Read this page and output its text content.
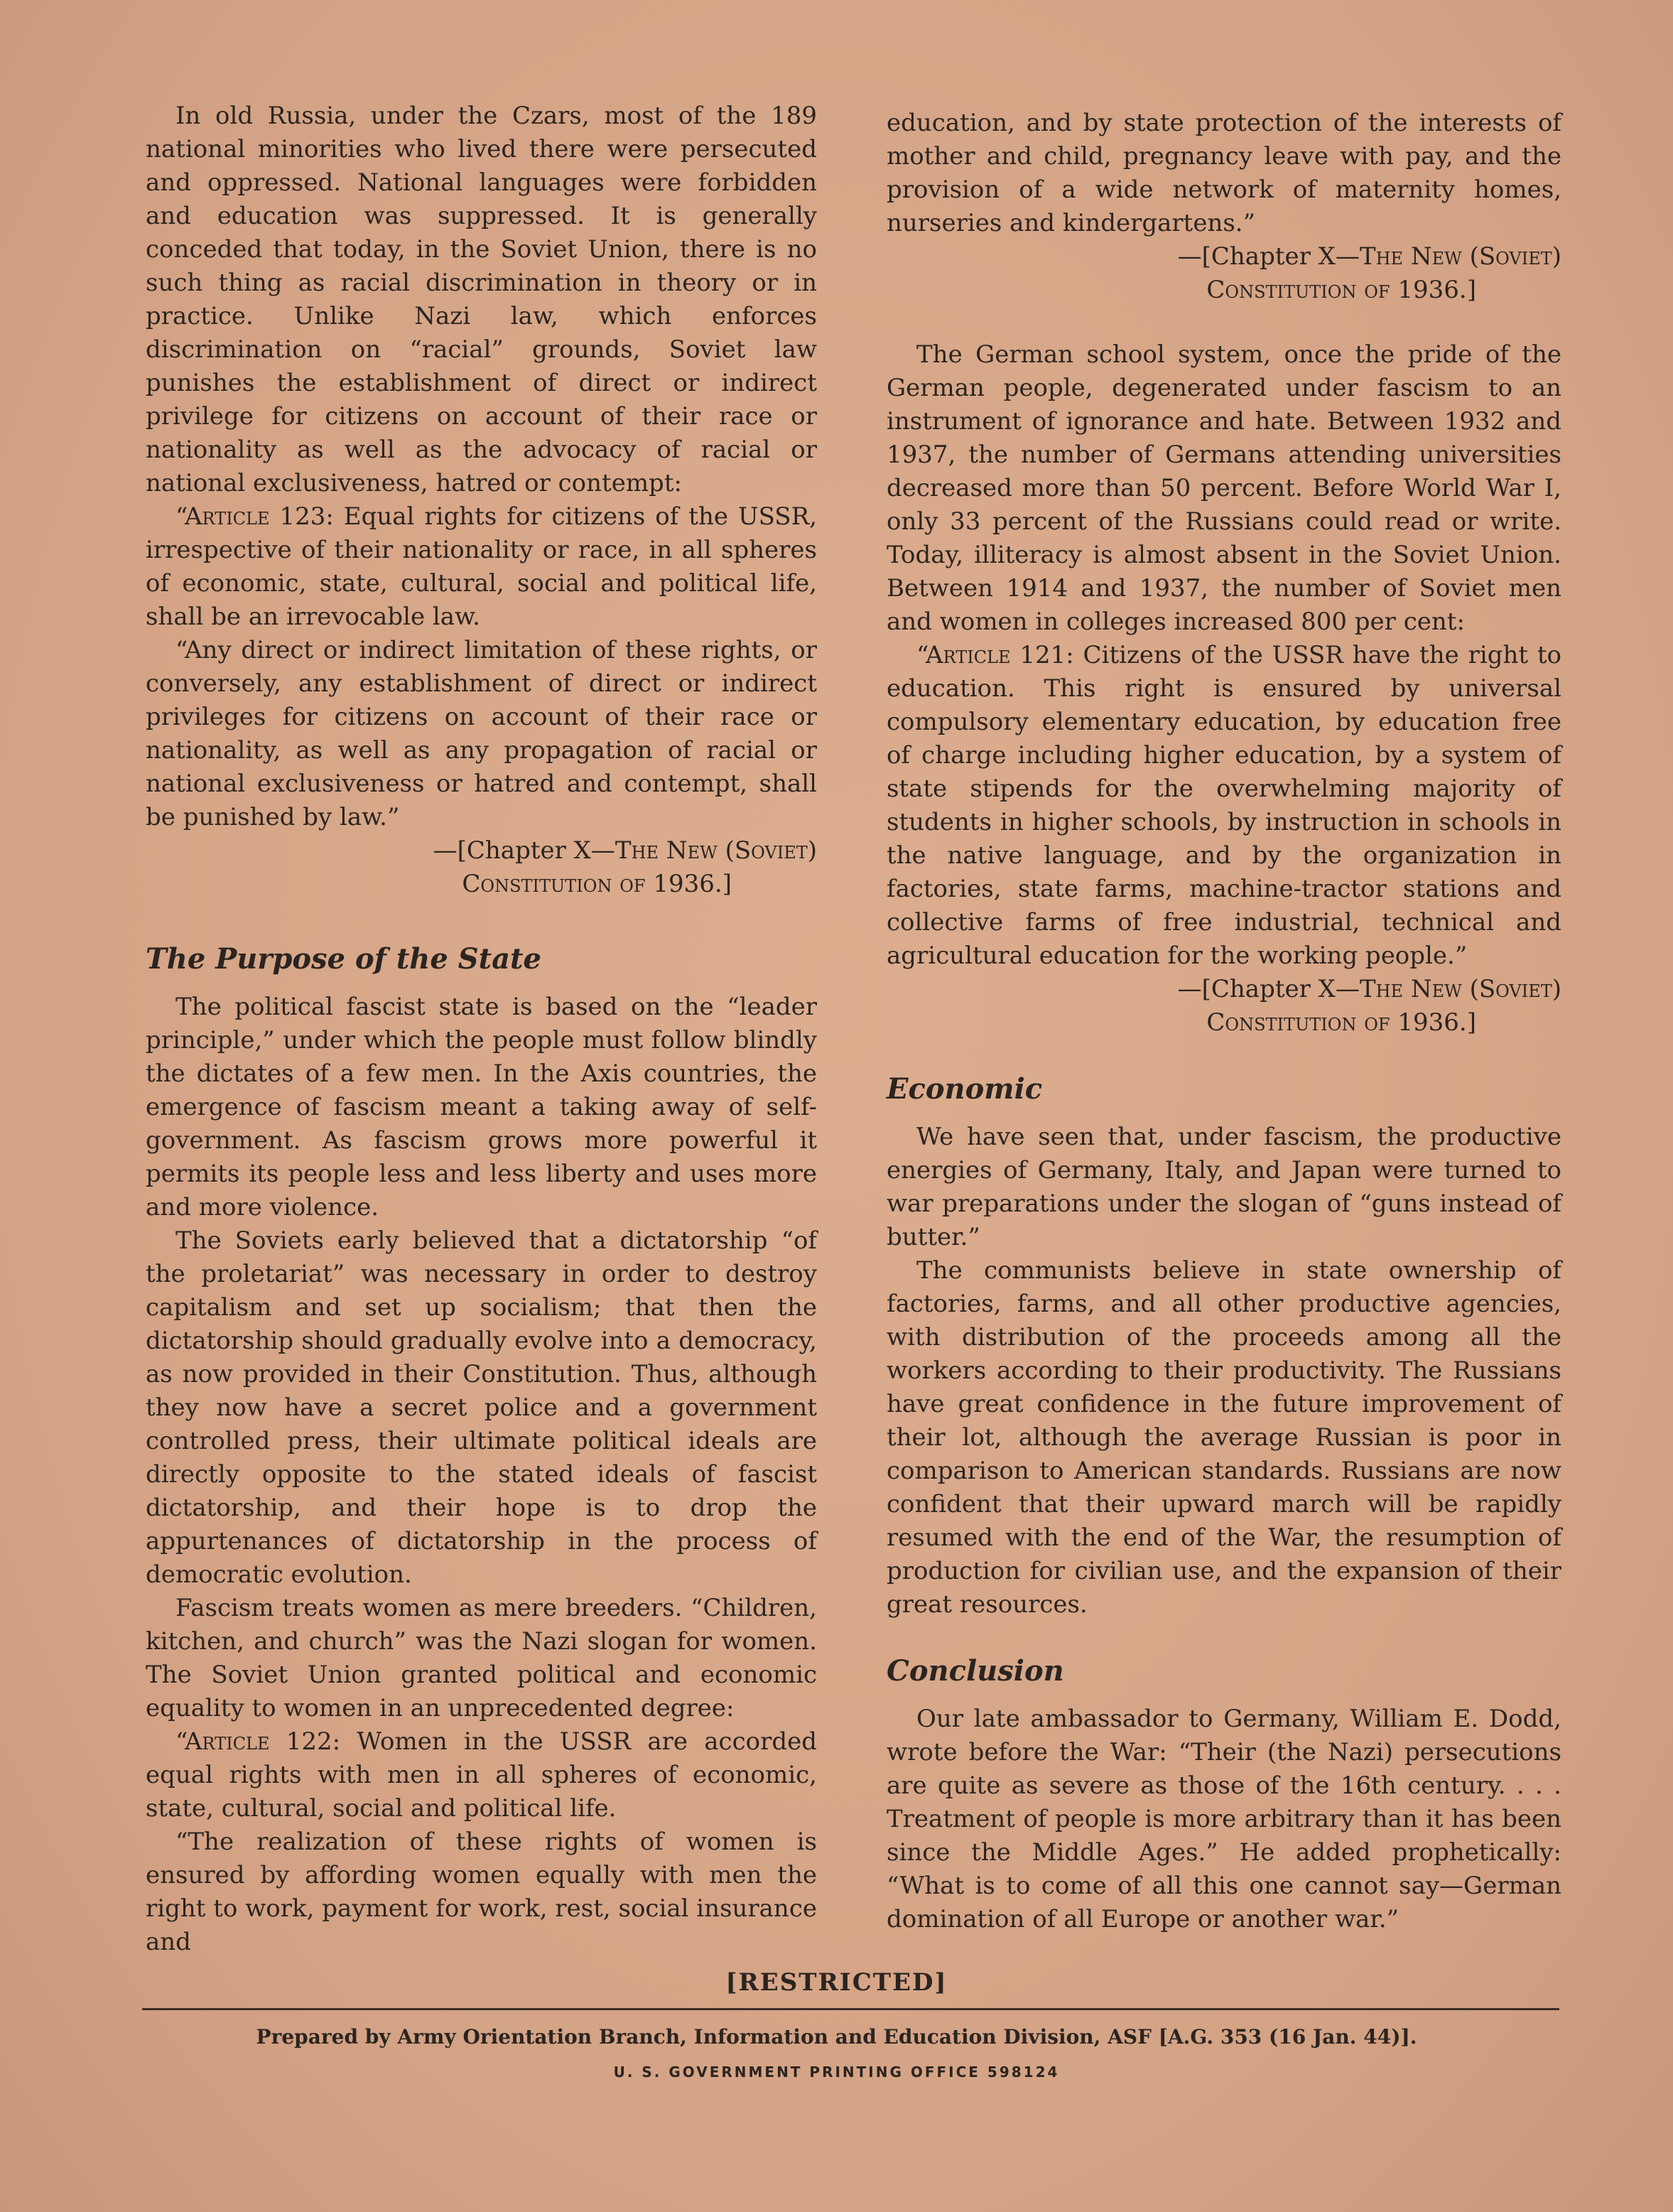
In old Russia, under the Czars, most of the 189 national minorities who lived there were persecuted and oppressed. National languages were forbidden and education was suppressed. It is generally conceded that today, in the Soviet Union, there is no such thing as racial discrimination in theory or in practice. Unlike Nazi law, which enforces discrimination on “racial” grounds, Soviet law punishes the establishment of direct or indirect privilege for citizens on account of their race or nationality as well as the advocacy of racial or national exclusiveness, hatred or contempt:

“Article 123: Equal rights for citizens of the USSR, irrespective of their nationality or race, in all spheres of economic, state, cultural, social and political life, shall be an irrevocable law.

“Any direct or indirect limitation of these rights, or conversely, any establishment of direct or indirect privileges for citizens on account of their race or nationality, as well as any propagation of racial or national exclusiveness or hatred and contempt, shall be punished by law.”

—[Chapter X—The New (Soviet)
Constitution of 1936.]

The Purpose of the State

The political fascist state is based on the “leader principle,” under which the people must follow blindly the dictates of a few men. In the Axis countries, the emergence of fascism meant a taking away of self-government. As fascism grows more powerful it permits its people less and less liberty and uses more and more violence.

The Soviets early believed that a dictatorship “of the proletariat” was necessary in order to destroy capitalism and set up socialism; that then the dictatorship should gradually evolve into a democracy, as now provided in their Constitution. Thus, although they now have a secret police and a government controlled press, their ultimate political ideals are directly opposite to the stated ideals of fascist dictatorship, and their hope is to drop the appurtenances of dictatorship in the process of democratic evolution.

Fascism treats women as mere breeders. “Children, kitchen, and church” was the Nazi slogan for women. The Soviet Union granted political and economic equality to women in an unprecedented degree:

“Article 122: Women in the USSR are accorded equal rights with men in all spheres of economic, state, cultural, social and political life.

“The realization of these rights of women is ensured by affording women equally with men the right to work, payment for work, rest, social insurance and

education, and by state protection of the interests of mother and child, pregnancy leave with pay, and the provision of a wide network of maternity homes, nurseries and kindergartens.”

—[Chapter X—The New (Soviet)
Constitution of 1936.]

The German school system, once the pride of the German people, degenerated under fascism to an instrument of ignorance and hate. Between 1932 and 1937, the number of Germans attending universities decreased more than 50 percent. Before World War I, only 33 percent of the Russians could read or write. Today, illiteracy is almost absent in the Soviet Union. Between 1914 and 1937, the number of Soviet men and women in colleges increased 800 per cent:

“Article 121: Citizens of the USSR have the right to education. This right is ensured by universal compulsory elementary education, by education free of charge including higher education, by a system of state stipends for the overwhelming majority of students in higher schools, by instruction in schools in the native language, and by the organization in factories, state farms, machine-tractor stations and collective farms of free industrial, technical and agricultural education for the working people.”

—[Chapter X—The New (Soviet)
Constitution of 1936.]

Economic

We have seen that, under fascism, the productive energies of Germany, Italy, and Japan were turned to war preparations under the slogan of “guns instead of butter.”

The communists believe in state ownership of factories, farms, and all other productive agencies, with distribution of the proceeds among all the workers according to their productivity. The Russians have great confidence in the future improvement of their lot, although the average Russian is poor in comparison to American standards. Russians are now confident that their upward march will be rapidly resumed with the end of the War, the resumption of production for civilian use, and the expansion of their great resources.

Conclusion

Our late ambassador to Germany, William E. Dodd, wrote before the War: “Their (the Nazi) persecutions are quite as severe as those of the 16th century. . . . Treatment of people is more arbitrary than it has been since the Middle Ages.” He added prophetically: “What is to come of all this one cannot say—German domination of all Europe or another war.”

[RESTRICTED]
Prepared by Army Orientation Branch, Information and Education Division, ASF [A.G. 353 (16 Jan. 44)].
U. S. GOVERNMENT PRINTING OFFICE 598124
